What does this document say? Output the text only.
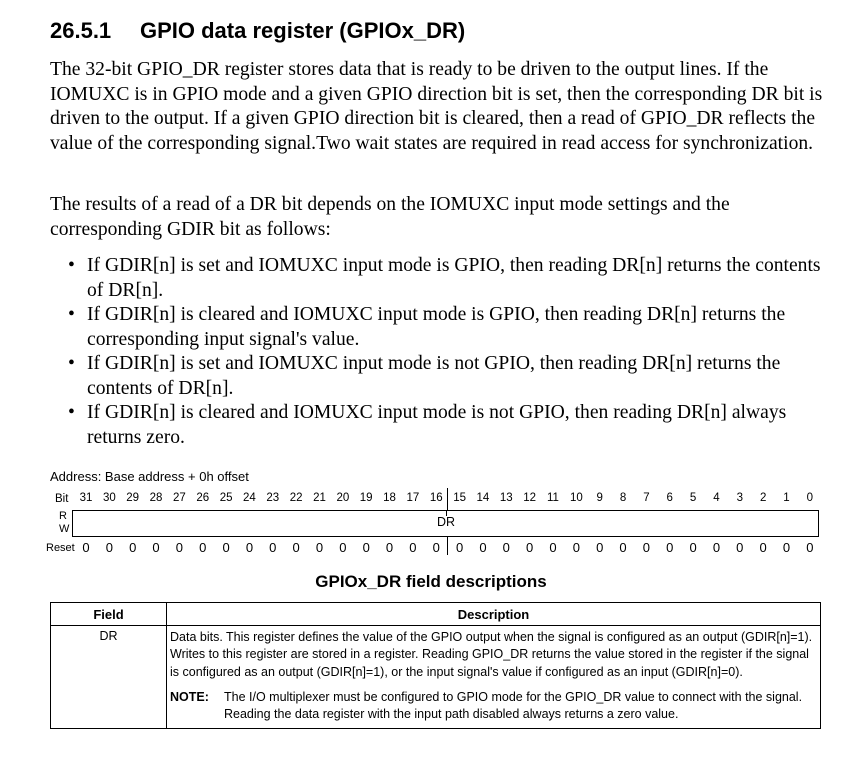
26.5.1 GPIO data register (GPIOx_DR)
The 32-bit GPIO_DR register stores data that is ready to be driven to the output lines. If the IOMUXC is in GPIO mode and a given GPIO direction bit is set, then the corresponding DR bit is driven to the output. If a given GPIO direction bit is cleared, then a read of GPIO_DR reflects the value of the corresponding signal.Two wait states are required in read access for synchronization.
The results of a read of a DR bit depends on the IOMUXC input mode settings and the corresponding GDIR bit as follows:
• If GDIR[n] is set and IOMUXC input mode is GPIO, then reading DR[n] returns the contents of DR[n].
• If GDIR[n] is cleared and IOMUXC input mode is GPIO, then reading DR[n] returns the corresponding input signal's value.
• If GDIR[n] is set and IOMUXC input mode is not GPIO, then reading DR[n] returns the contents of DR[n].
• If GDIR[n] is cleared and IOMUXC input mode is not GPIO, then reading DR[n] always returns zero.
Address: Base address + 0h offset
Bit 31 30 29 28 27 26 25 24 23 22 21 20 19 18 17 16 15 14 13 12 11 10	9	8	7	6	5	4	3	2	1	0
R
W	DR
Reset 0	0	0	0	0	0	0	0	0	0	0	0	0	0	0	0	0	0	0	0	0	0	0	0	0	0	0	0	0	0	0	0
GPIOx_DR field descriptions
Field	Description
DR	Data bits. This register defines the value of the GPIO output when the signal is configured as an output (GDIR[n]=1). Writes to this register are stored in a register. Reading GPIO_DR returns the value stored in the register if the signal is configured as an output (GDIR[n]=1), or the input signal's value if configured as an input (GDIR[n]=0).
NOTE: The I/O multiplexer must be configured to GPIO mode for the GPIO_DR value to connect with the signal. Reading the data register with the input path disabled always returns a zero value.
